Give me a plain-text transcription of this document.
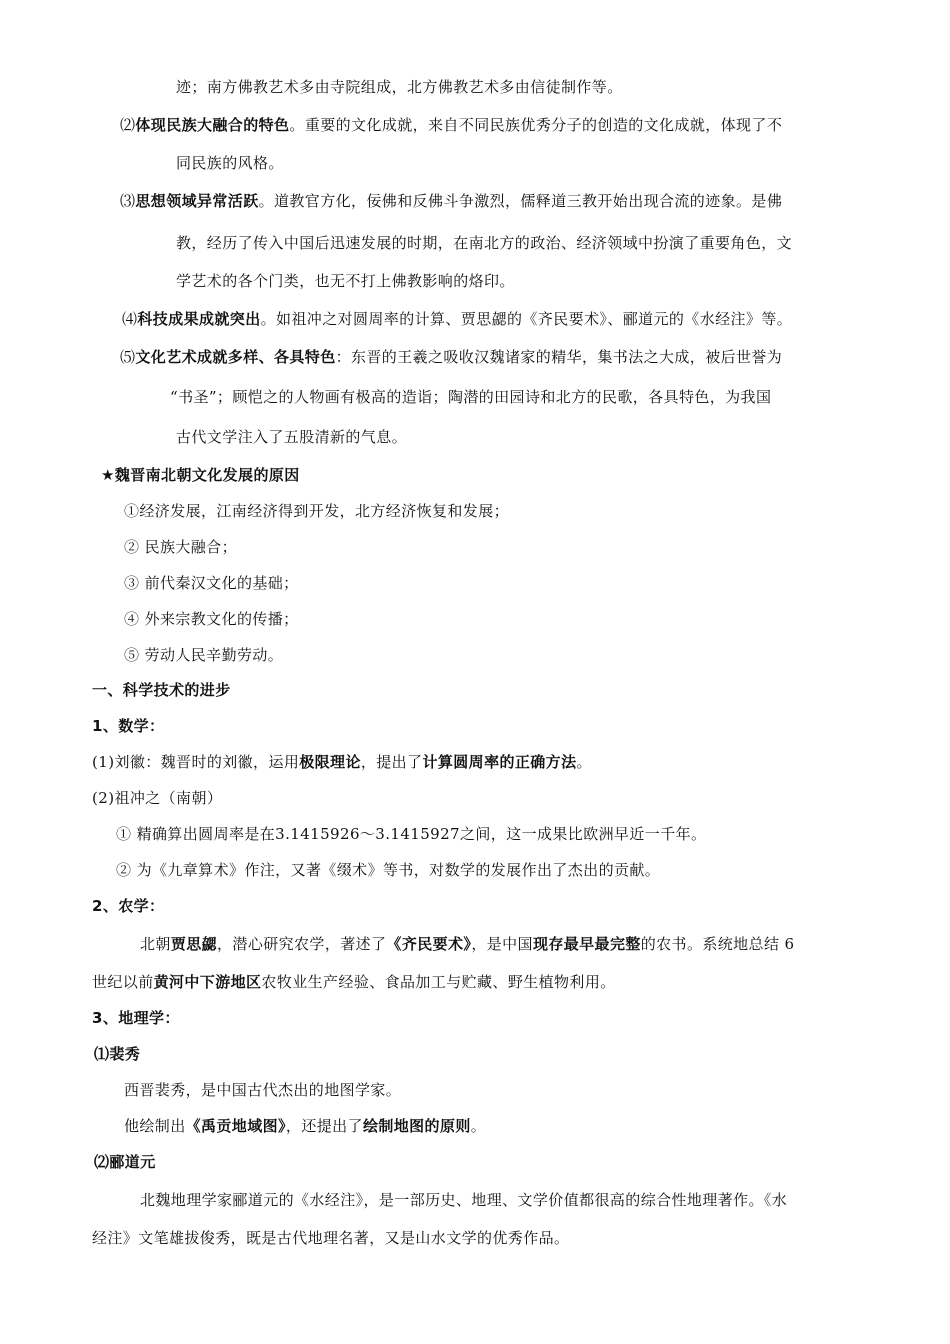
迹；南方佛教艺术多由寺院组成，北方佛教艺术多由信徒制作等。
⑵体现民族大融合的特色。重要的文化成就，来自不同民族优秀分子的创造的文化成就，体现了不
同民族的风格。
⑶思想领域异常活跃。道教官方化，佞佛和反佛斗争激烈，儒释道三教开始出现合流的迹象。是佛
教，经历了传入中国后迅速发展的时期，在南北方的政治、经济领域中扮演了重要角色，文
学艺术的各个门类，也无不打上佛教影响的烙印。
⑷科技成果成就突出。如祖冲之对圆周率的计算、贾思勰的《齐民要术》、郦道元的《水经注》等。
⑸文化艺术成就多样、各具特色：东晋的王羲之吸收汉魏诸家的精华，集书法之大成，被后世誉为
“书圣”；顾恺之的人物画有极高的造诣；陶潜的田园诗和北方的民歌，各具特色，为我国
古代文学注入了五股清新的气息。
★魏晋南北朝文化发展的原因
①经济发展，江南经济得到开发，北方经济恢复和发展；
② 民族大融合；
③ 前代秦汉文化的基础；
④ 外来宗教文化的传播；
⑤ 劳动人民辛勤劳动。
一、科学技术的进步
1、数学：
(1)刘徽：魏晋时的刘徽，运用极限理论，提出了计算圆周率的正确方法。
(2)祖冲之（南朝）
① 精确算出圆周率是在3.1415926～3.1415927之间，这一成果比欧洲早近一千年。
② 为《九章算术》作注，又著《缀术》等书，对数学的发展作出了杰出的贡献。
2、农学：
北朝贾思勰，潜心研究农学，著述了《齐民要术》，是中国现存最早最完整的农书。系统地总结 6
世纪以前黄河中下游地区农牧业生产经验、食品加工与贮藏、野生植物利用。
3、地理学：
⑴裴秀
西晋裴秀，是中国古代杰出的地图学家。
他绘制出《禹贡地域图》，还提出了绘制地图的原则。
⑵郦道元
北魏地理学家郦道元的《水经注》，是一部历史、地理、文学价值都很高的综合性地理著作。《水
经注》文笔雄拔俊秀，既是古代地理名著，又是山水文学的优秀作品。
